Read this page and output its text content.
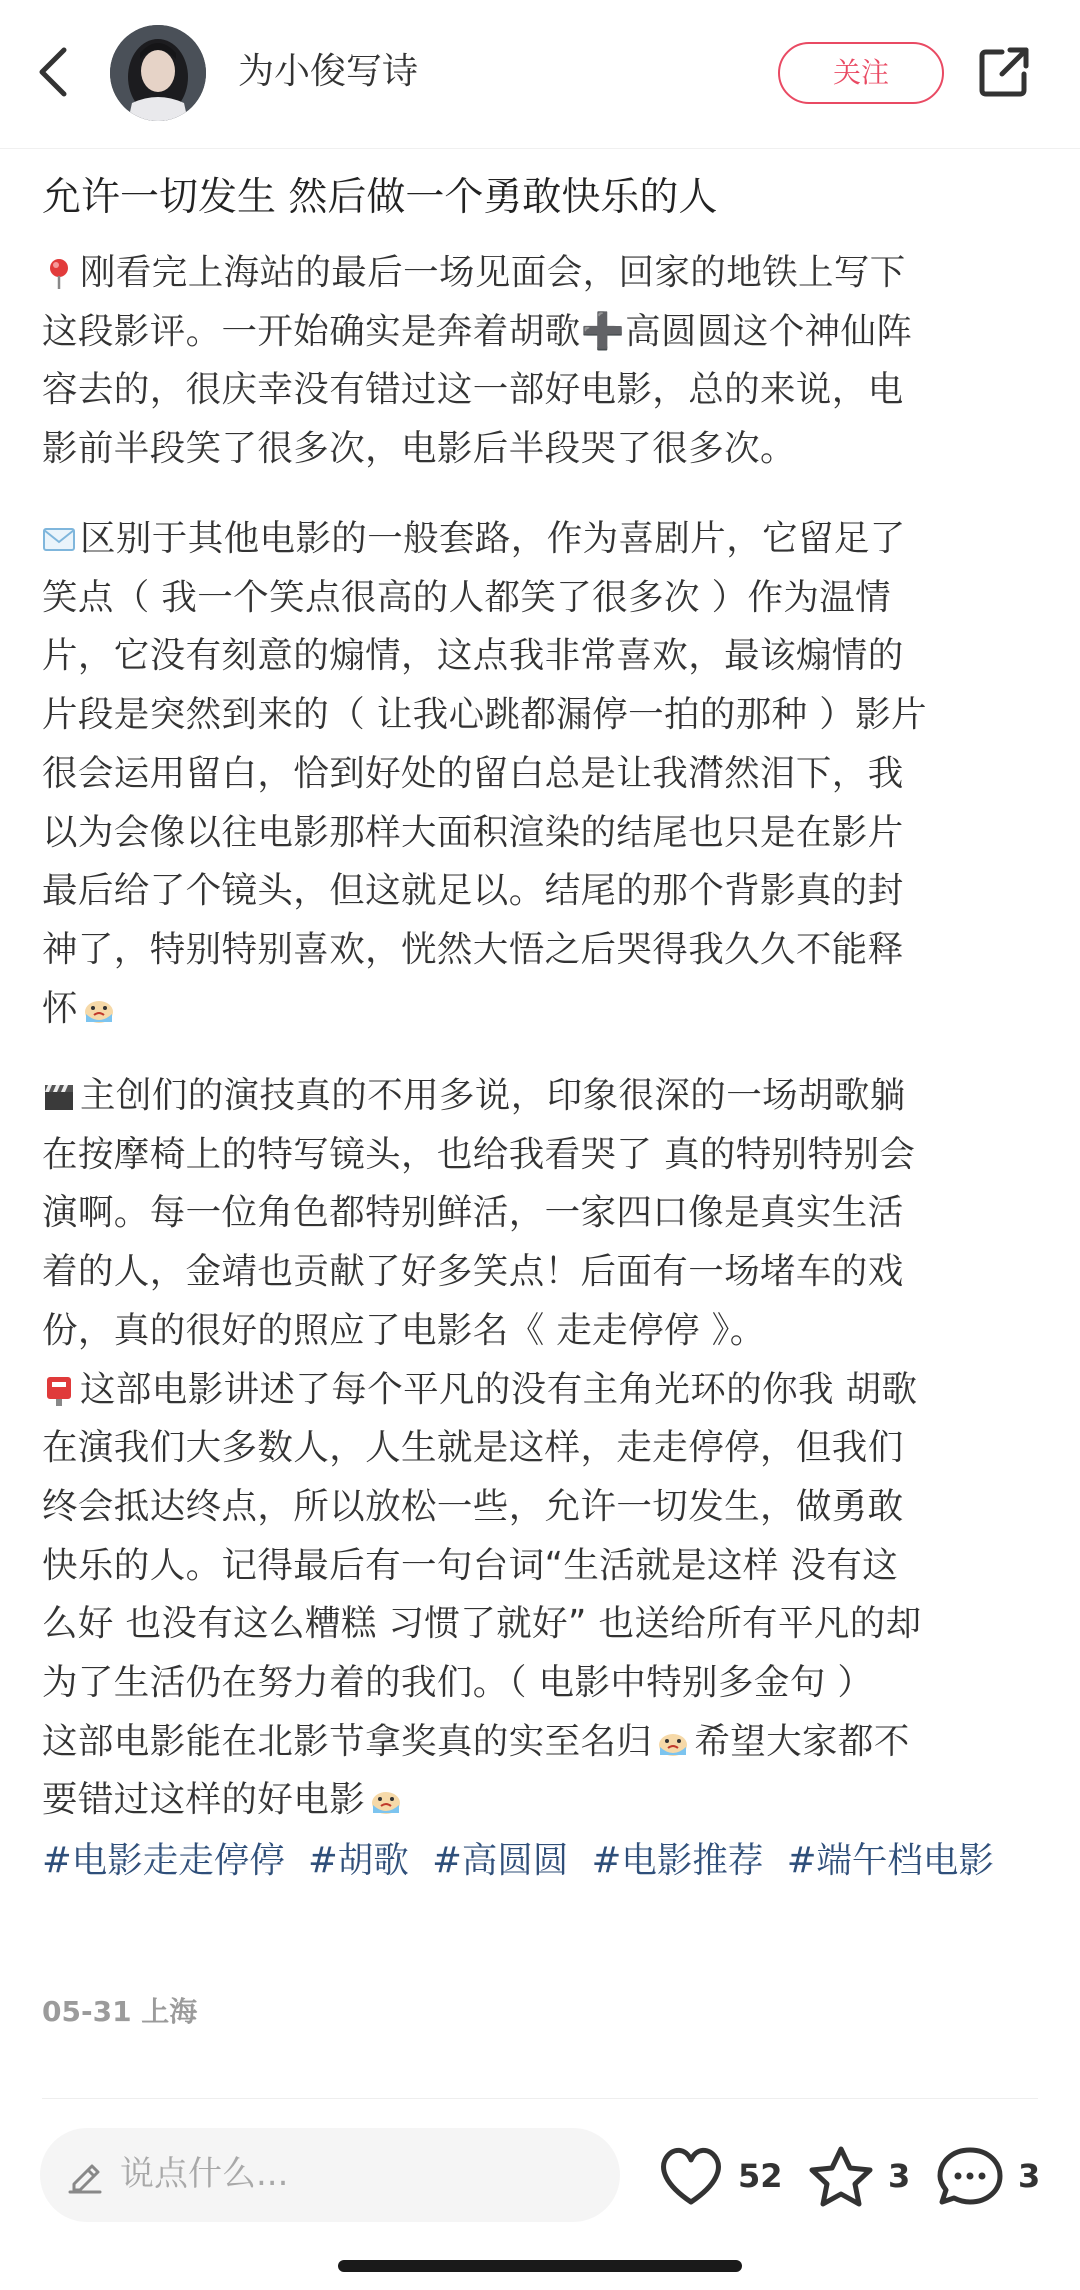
为小俊写诗	关注
允许一切发生 然后做一个勇敢快乐的人
刚看完上海站的最后一场见面会，回家的地铁上写下
这段影评。一开始确实是奔着胡歌➕高圆圆这个神仙阵
容去的，很庆幸没有错过这一部好电影，总的来说，电
影前半段笑了很多次，电影后半段哭了很多次。
区别于其他电影的一般套路，作为喜剧片，它留足了
笑点（ 我一个笑点很高的人都笑了很多次 ）作为温情
片，它没有刻意的煽情，这点我非常喜欢，最该煽情的
片段是突然到来的（ 让我心跳都漏停一拍的那种 ）影片
很会运用留白，恰到好处的留白总是让我潸然泪下，我
以为会像以往电影那样大面积渲染的结尾也只是在影片
最后给了个镜头，但这就足以。结尾的那个背影真的封
神了，特别特别喜欢，恍然大悟之后哭得我久久不能释
怀
主创们的演技真的不用多说，印象很深的一场胡歌躺
在按摩椅上的特写镜头，也给我看哭了 真的特别特别会
演啊。每一位角色都特别鲜活，一家四口像是真实生活
着的人，金靖也贡献了好多笑点！后面有一场堵车的戏
份，真的很好的照应了电影名《 走走停停 》。
这部电影讲述了每个平凡的没有主角光环的你我 胡歌
在演我们大多数人，人生就是这样，走走停停，但我们
终会抵达终点，所以放松一些，允许一切发生，做勇敢
快乐的人。记得最后有一句台词“生活就是这样 没有这
么好 也没有这么糟糕 习惯了就好” 也送给所有平凡的却
为了生活仍在努力着的我们。（ 电影中特别多金句 ）
这部电影能在北影节拿奖真的实至名归 希望大家都不
要错过这样的好电影
#电影走走停停 #胡歌 #高圆圆 #电影推荐 #端午档电影
05-31 上海
说点什么...	52	3	3
